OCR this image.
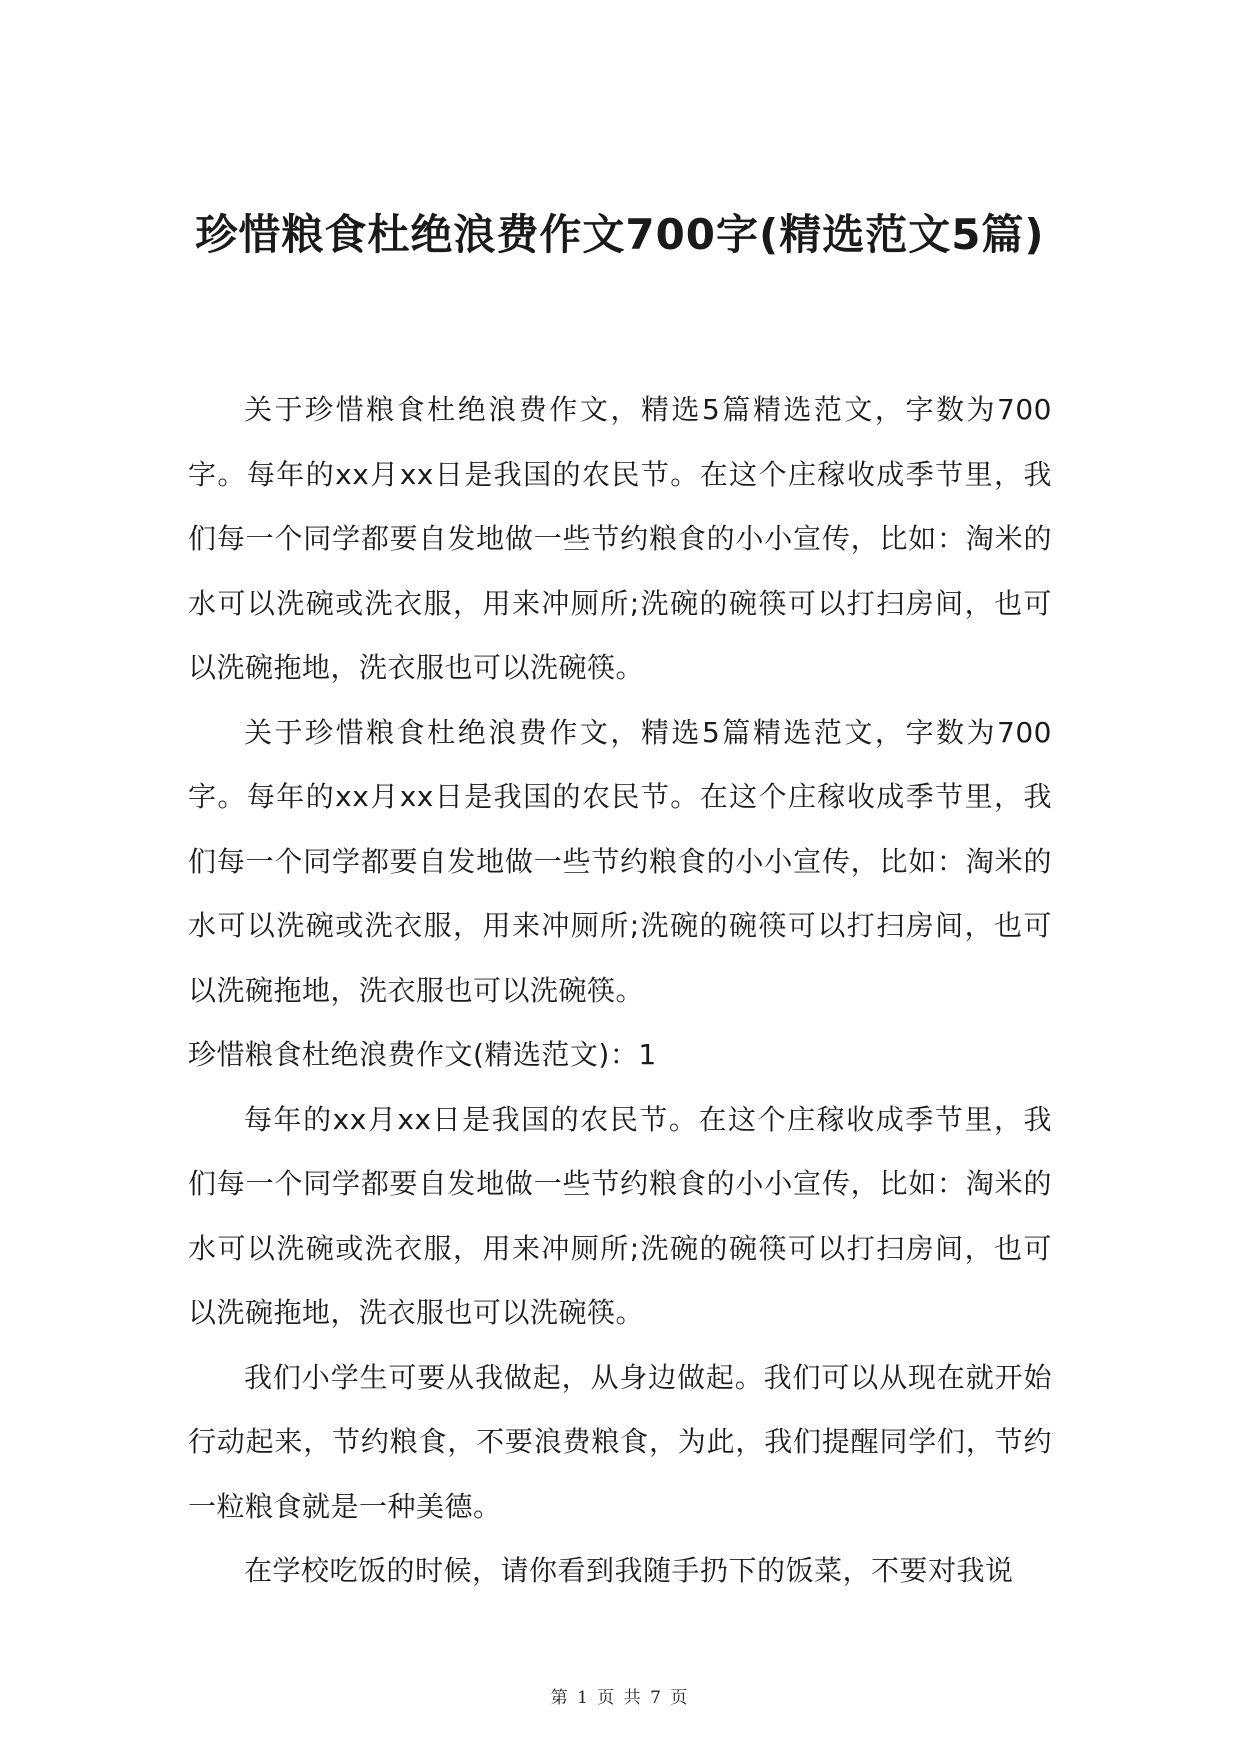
珍惜粮食杜绝浪费作文700字(精选范文5篇)

关于珍惜粮食杜绝浪费作文，精选5篇精选范文，字数为700字。每年的xx月xx日是我国的农民节。在这个庄稼收成季节里，我们每一个同学都要自发地做一些节约粮食的小小宣传，比如：淘米的水可以洗碗或洗衣服，用来冲厕所;洗碗的碗筷可以打扫房间，也可以洗碗拖地，洗衣服也可以洗碗筷。

关于珍惜粮食杜绝浪费作文，精选5篇精选范文，字数为700字。每年的xx月xx日是我国的农民节。在这个庄稼收成季节里，我们每一个同学都要自发地做一些节约粮食的小小宣传，比如：淘米的水可以洗碗或洗衣服，用来冲厕所;洗碗的碗筷可以打扫房间，也可以洗碗拖地，洗衣服也可以洗碗筷。

珍惜粮食杜绝浪费作文(精选范文)：1

每年的xx月xx日是我国的农民节。在这个庄稼收成季节里，我们每一个同学都要自发地做一些节约粮食的小小宣传，比如：淘米的水可以洗碗或洗衣服，用来冲厕所;洗碗的碗筷可以打扫房间，也可以洗碗拖地，洗衣服也可以洗碗筷。

我们小学生可要从我做起，从身边做起。我们可以从现在就开始行动起来，节约粮食，不要浪费粮食，为此，我们提醒同学们，节约一粒粮食就是一种美德。

在学校吃饭的时候，请你看到我随手扔下的饭菜，不要对我说

第 1 页 共 7 页
